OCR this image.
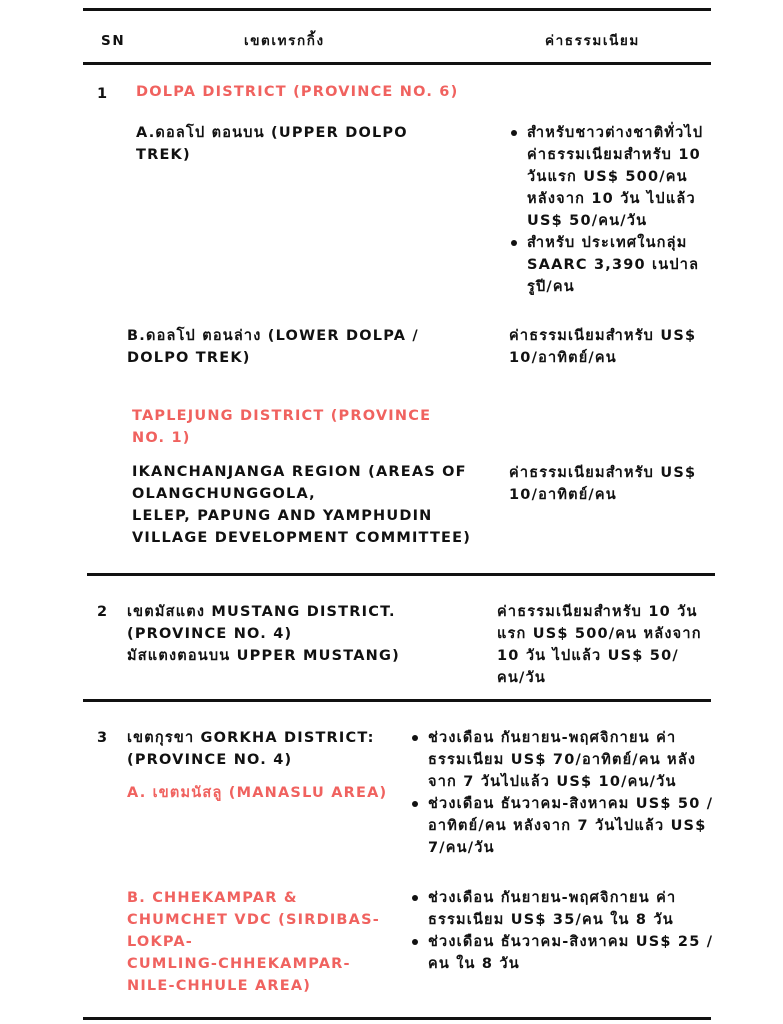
SN	เขตเทรกกิ้ง	ค่าธรรมเนียม
1 DOLPA DISTRICT (PROVINCE NO. 6)
A.ดอลโป ตอนบน (UPPER DOLPO
TREK)
สำหรับชาวต่างชาติทั่วไป
ค่าธรรมเนียมสำหรับ 10
วันแรก US$ 500/คน
หลังจาก 10 วัน ไปแล้ว
US$ 50/คน/วัน
สำหรับ ประเทศในกลุ่ม
SAARC 3,390 เนปาล
รูปี/คน
B.ดอลโป ตอนล่าง (LOWER DOLPA /
DOLPO TREK)
ค่าธรรมเนียมสำหรับ US$
10/อาทิตย์/คน
TAPLEJUNG DISTRICT (PROVINCE
NO. 1)
IKANCHANJANGA REGION (AREAS OF
OLANGCHUNGGOLA,
LELEP, PAPUNG AND YAMPHUDIN
VILLAGE DEVELOPMENT COMMITTEE)
ค่าธรรมเนียมสำหรับ US$
10/อาทิตย์/คน
2 เขตมัสแตง MUSTANG DISTRICT.
(PROVINCE NO. 4)
มัสแตงตอนบน UPPER MUSTANG)
ค่าธรรมเนียมสำหรับ 10 วัน
แรก US$ 500/คน หลังจาก
10 วัน ไปแล้ว US$ 50/
คน/วัน
3 เขตกุรขา GORKHA DISTRICT:
(PROVINCE NO. 4)
A. เขตมนัสลู (MANASLU AREA)
ช่วงเดือน กันยายน-พฤศจิกายน ค่า
ธรรมเนียม US$ 70/อาทิตย์/คน หลัง
จาก 7 วันไปแล้ว US$ 10/คน/วัน
ช่วงเดือน ธันวาคม-สิงหาคม US$ 50 /
อาทิตย์/คน หลังจาก 7 วันไปแล้ว US$
7/คน/วัน
B. CHHEKAMPAR &
CHUMCHET VDC (SIRDIBAS-
LOKPA-
CUMLING-CHHEKAMPAR-
NILE-CHHULE AREA)
ช่วงเดือน กันยายน-พฤศจิกายน ค่า
ธรรมเนียม US$ 35/คน ใน 8 วัน
ช่วงเดือน ธันวาคม-สิงหาคม US$ 25 /
คน ใน 8 วัน
